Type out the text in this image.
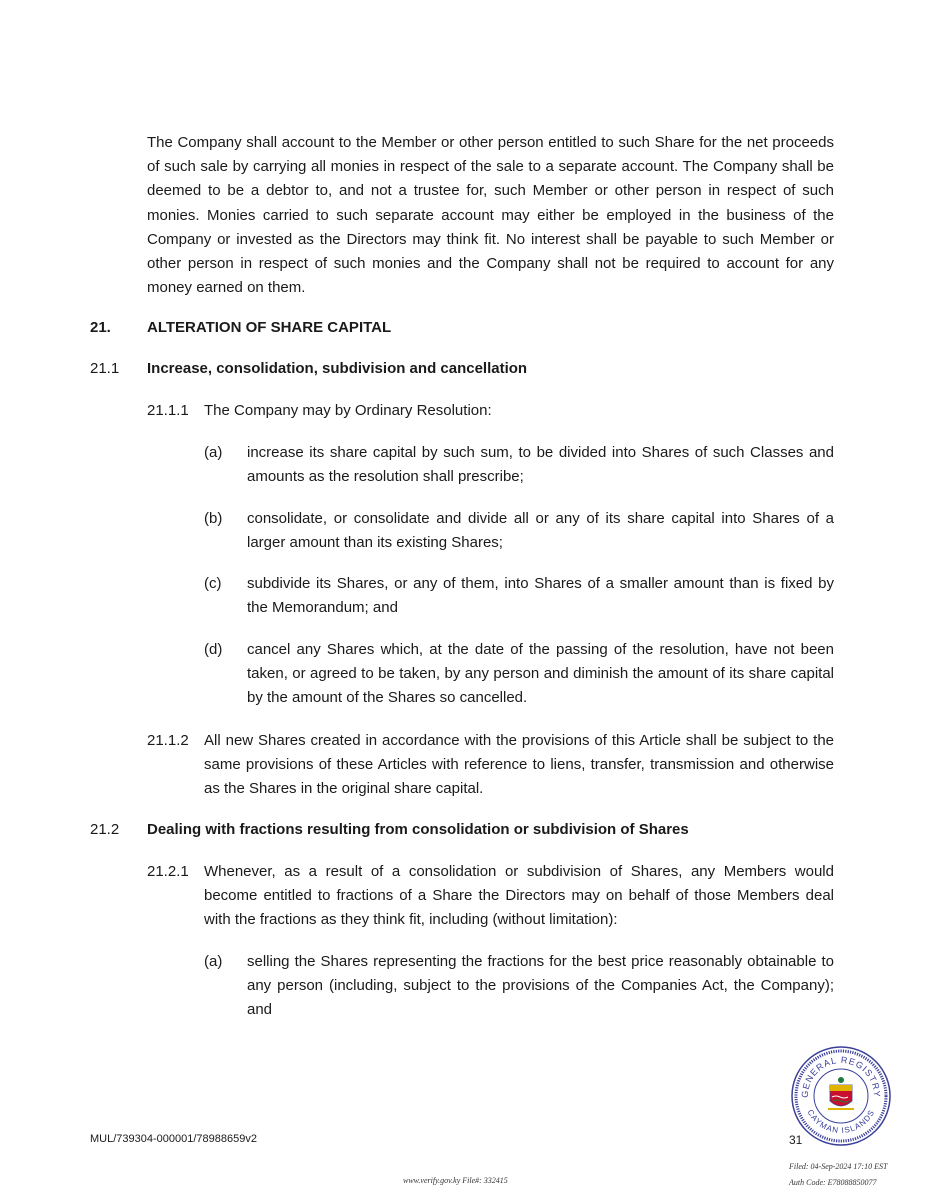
The Company shall account to the Member or other person entitled to such Share for the net proceeds of such sale by carrying all monies in respect of the sale to a separate account. The Company shall be deemed to be a debtor to, and not a trustee for, such Member or other person in respect of such monies. Monies carried to such separate account may either be employed in the business of the Company or invested as the Directors may think fit. No interest shall be payable to such Member or other person in respect of such monies and the Company shall not be required to account for any money earned on them.

21. ALTERATION OF SHARE CAPITAL
21.1 Increase, consolidation, subdivision and cancellation
21.1.1 The Company may by Ordinary Resolution:
(a) increase its share capital by such sum, to be divided into Shares of such Classes and amounts as the resolution shall prescribe;
(b) consolidate, or consolidate and divide all or any of its share capital into Shares of a larger amount than its existing Shares;
(c) subdivide its Shares, or any of them, into Shares of a smaller amount than is fixed by the Memorandum; and
(d) cancel any Shares which, at the date of the passing of the resolution, have not been taken, or agreed to be taken, by any person and diminish the amount of its share capital by the amount of the Shares so cancelled.
21.1.2 All new Shares created in accordance with the provisions of this Article shall be subject to the same provisions of these Articles with reference to liens, transfer, transmission and otherwise as the Shares in the original share capital.
21.2 Dealing with fractions resulting from consolidation or subdivision of Shares
21.2.1 Whenever, as a result of a consolidation or subdivision of Shares, any Members would become entitled to fractions of a Share the Directors may on behalf of those Members deal with the fractions as they think fit, including (without limitation):
(a) selling the Shares representing the fractions for the best price reasonably obtainable to any person (including, subject to the provisions of the Companies Act, the Company); and
GENERAL REGISTRY
CAYMAN ISLANDS
MUL/739304-000001/78988659v2	31
Filed: 04-Sep-2024 17:10 EST
Auth Code: E78088850077
www.verify.gov.ky File#: 332415
